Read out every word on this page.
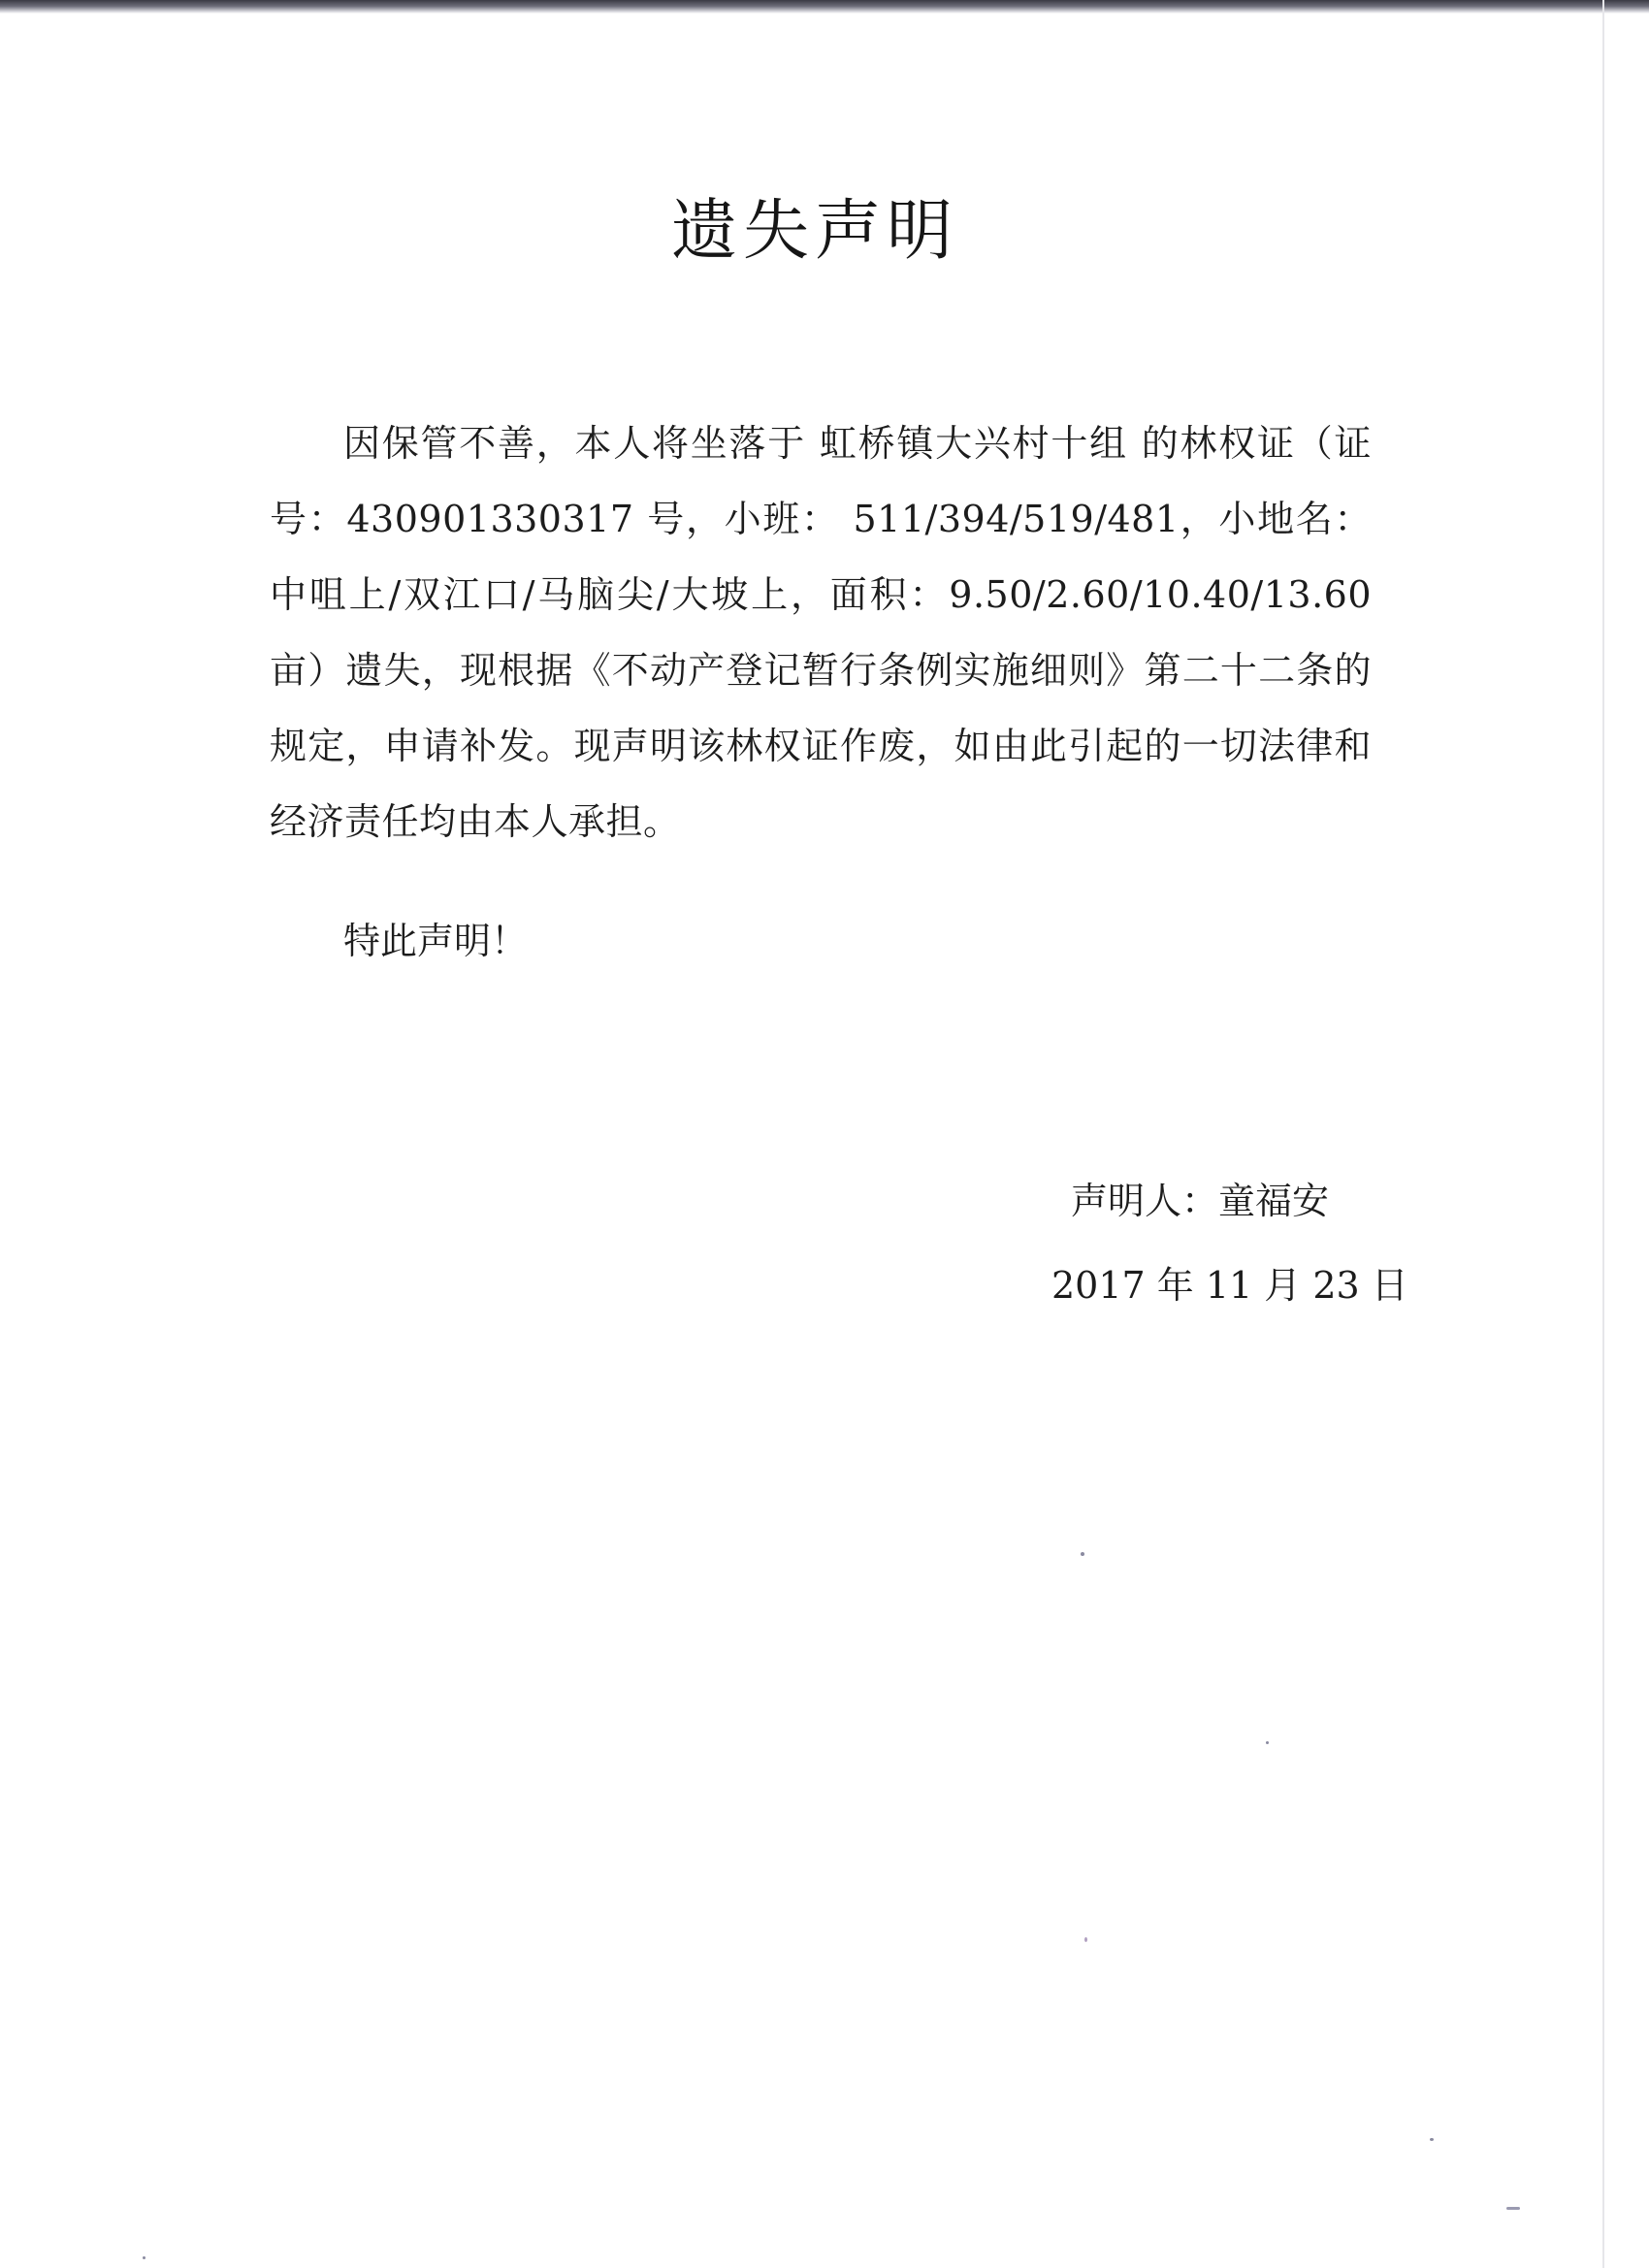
遗失声明

因保管不善，本人将坐落于 虹桥镇大兴村十组 的林权证（证号：430901330317 号，小班： 511/394/519/481，小地名： 中咀上/双江口/马脑尖/大坡上，面积：9.50/2.60/10.40/13.60 亩）遗失，现根据《不动产登记暂行条例实施细则》第二十二条的规定，申请补发。现声明该林权证作废，如由此引起的一切法律和经济责任均由本人承担。

特此声明！
声明人：童福安
2017 年 11 月 23 日
